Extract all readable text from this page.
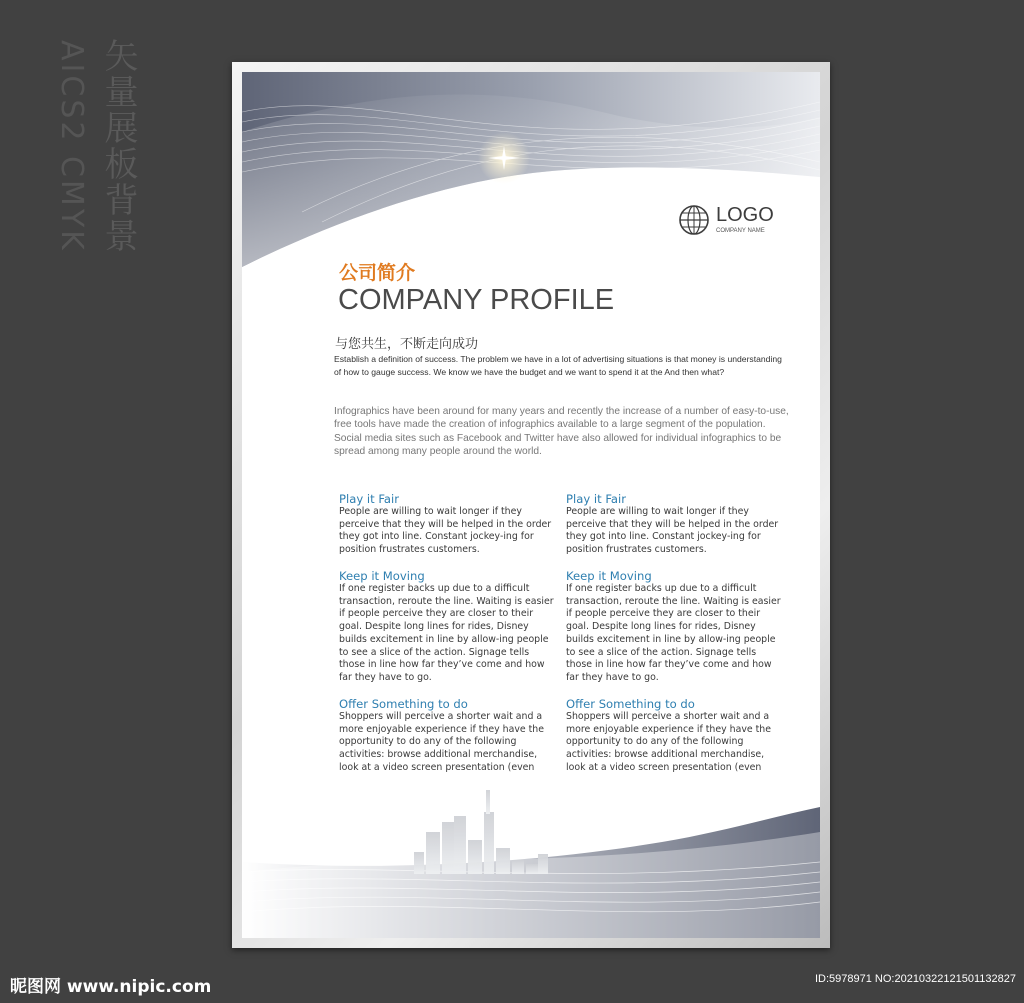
矢量展板背景
AICS2 CMYK	LOGO
COMPANY NAME
公司简介
COMPANY PROFILE
与您共生，不断走向成功
Establish a definition of success. The problem we have in a lot of advertising situations is that money is understanding of how to gauge success. We know we have the budget and we want to spend it at the And then what?
Infographics have been around for many years and recently the increase of a number of easy-to-use, free tools have made the creation of infographics available to a large segment of the population. Social media sites such as Facebook and Twitter have also allowed for individual infographics to be spread among many people around the world.
Play it Fair
People are willing to wait longer if they perceive that they will be helped in the order they got into line. Constant jockey-ing for position frustrates customers.
Keep it Moving
If one register backs up due to a difficult transaction, reroute the line. Waiting is easier if people perceive they are closer to their goal. Despite long lines for rides, Disney builds excitement in line by allow-ing people to see a slice of the action. Signage tells those in line how far they’ve come and how far they have to go.
Offer Something to do
Shoppers will perceive a shorter wait and a more enjoyable experience if they have the opportunity to do any of the following activities: browse additional merchandise, look at a video screen presentation (even
Play it Fair
People are willing to wait longer if they perceive that they will be helped in the order they got into line. Constant jockey-ing for position frustrates customers.
Keep it Moving
If one register backs up due to a difficult transaction, reroute the line. Waiting is easier if people perceive they are closer to their goal. Despite long lines for rides, Disney builds excitement in line by allow-ing people to see a slice of the action. Signage tells those in line how far they’ve come and how far they have to go.
Offer Something to do
Shoppers will perceive a shorter wait and a more enjoyable experience if they have the opportunity to do any of the following activities: browse additional merchandise, look at a video screen presentation (even
昵图网 www.nipic.com	ID:5978971 NO:20210322121501132827
